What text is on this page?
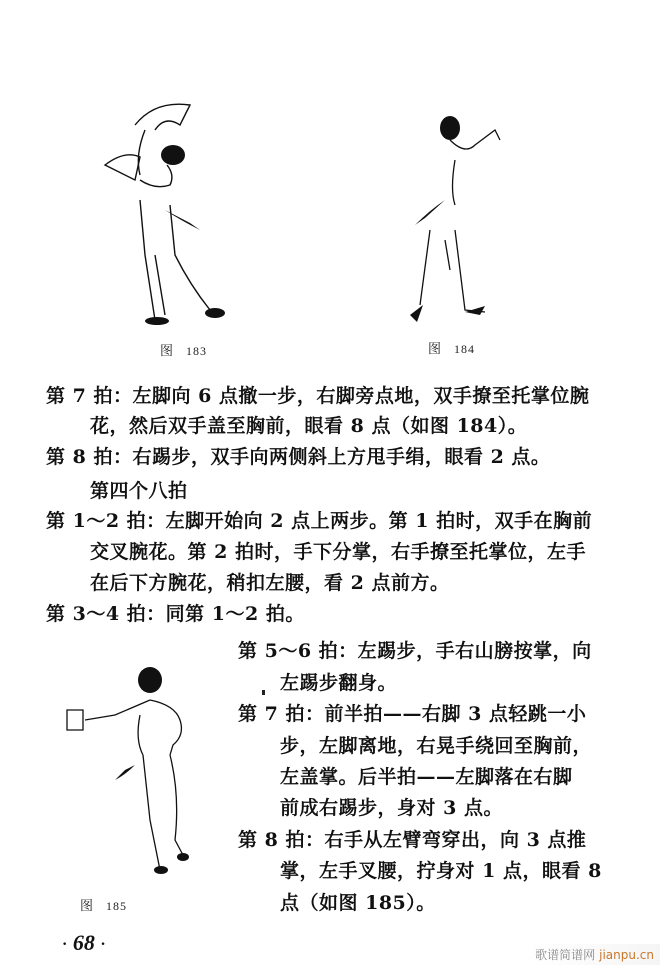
图 183	图 184
第 7 拍：左脚向 6 点撤一步，右脚旁点地，双手撩至托掌位腕
花，然后双手盖至胸前，眼看 8 点（如图 184）。
第 8 拍：右踢步，双手向两侧斜上方甩手绢，眼看 2 点。
第四个八拍
第 1～2 拍：左脚开始向 2 点上两步。第 1 拍时，双手在胸前
交叉腕花。第 2 拍时，手下分掌，右手撩至托掌位，左手
在后下方腕花，稍扣左腰，看 2 点前方。
第 3～4 拍：同第 1～2 拍。
图 185
第 5～6 拍：左踢步，手右山膀按掌，向
左踢步翻身。
第 7 拍：前半拍——右脚 3 点轻跳一小
步，左脚离地，右晃手绕回至胸前，
左盖掌。后半拍——左脚落在右脚
前成右踢步，身对 3 点。
第 8 拍：右手从左臂弯穿出，向 3 点推
掌，左手叉腰，拧身对 1 点，眼看 8
点（如图 185）。
· 68 ·
歌谱简谱网 jianpu.cn
